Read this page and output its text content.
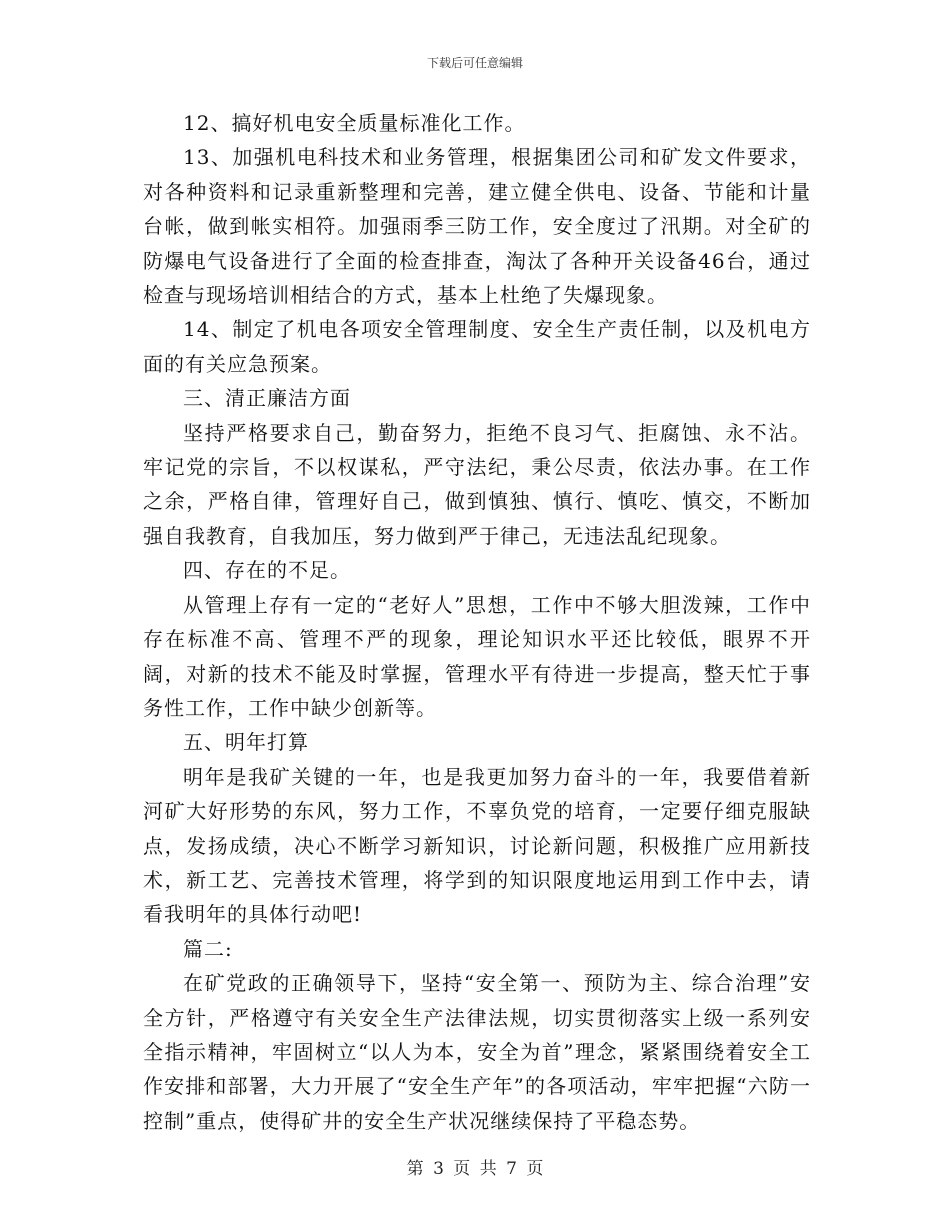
下载后可任意编辑

12、搞好机电安全质量标准化工作。

13、加强机电科技术和业务管理，根据集团公司和矿发文件要求，对各种资料和记录重新整理和完善，建立健全供电、设备、节能和计量台帐，做到帐实相符。加强雨季三防工作，安全度过了汛期。对全矿的防爆电气设备进行了全面的检查排查，淘汰了各种开关设备46台，通过检查与现场培训相结合的方式，基本上杜绝了失爆现象。

14、制定了机电各项安全管理制度、安全生产责任制，以及机电方面的有关应急预案。

三、清正廉洁方面

坚持严格要求自己，勤奋努力，拒绝不良习气、拒腐蚀、永不沾。牢记党的宗旨，不以权谋私，严守法纪，秉公尽责，依法办事。在工作之余，严格自律，管理好自己，做到慎独、慎行、慎吃、慎交，不断加强自我教育，自我加压，努力做到严于律己，无违法乱纪现象。

四、存在的不足。

从管理上存有一定的“老好人”思想，工作中不够大胆泼辣，工作中存在标准不高、管理不严的现象，理论知识水平还比较低，眼界不开阔，对新的技术不能及时掌握，管理水平有待进一步提高，整天忙于事务性工作，工作中缺少创新等。

五、明年打算

明年是我矿关键的一年，也是我更加努力奋斗的一年，我要借着新河矿大好形势的东风，努力工作，不辜负党的培育，一定要仔细克服缺点，发扬成绩，决心不断学习新知识，讨论新问题，积极推广应用新技术，新工艺、完善技术管理，将学到的知识限度地运用到工作中去，请看我明年的具体行动吧!

篇二:

在矿党政的正确领导下，坚持“安全第一、预防为主、综合治理”安全方针，严格遵守有关安全生产法律法规，切实贯彻落实上级一系列安全指示精神，牢固树立“以人为本，安全为首”理念，紧紧围绕着安全工作安排和部署，大力开展了“安全生产年”的各项活动，牢牢把握“六防一控制”重点，使得矿井的安全生产状况继续保持了平稳态势。

第 3 页 共 7 页
